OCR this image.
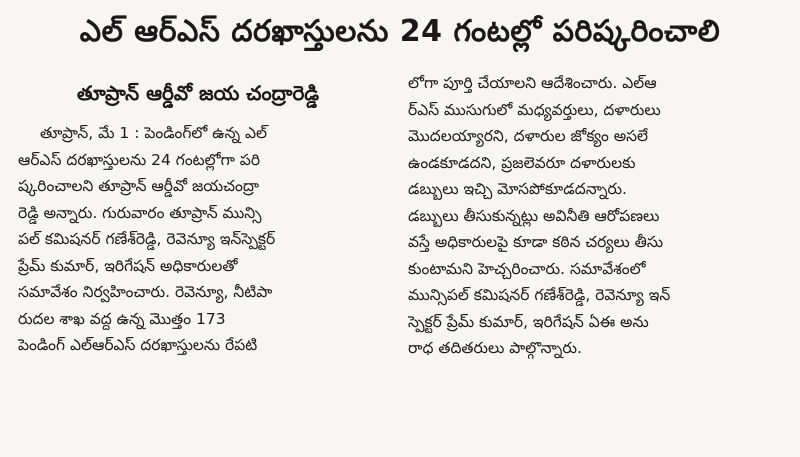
ఎల్ ఆర్ఎస్ దరఖాస్తులను 24 గంటల్లో పరిష్కరించాలి
తూప్రాన్ ఆర్డీవో జయ చంద్రారెడ్డి

తూప్రాన్, మే 1 : పెండింగ్‌లో ఉన్న ఎల్
ఆర్ఎస్ దరఖాస్తులను 24 గంటల్లోగా పరి
ష్కరించాలని తూప్రాన్ ఆర్డీవో జయచంద్రా
రెడ్డి అన్నారు. గురువారం తూప్రాన్ మున్సి
పల్ కమిషనర్ గణేశ్‌రెడ్డి, రెవెన్యూ ఇన్‌స్పెక్టర్
ప్రేమ్ కుమార్, ఇరిగేషన్ అధికారులతో
సమావేశం నిర్వహించారు. రెవెన్యూ, నీటిపా
రుదల శాఖ వద్ద ఉన్న మొత్తం 173
పెండింగ్ ఎల్ఆర్ఎస్ దరఖాస్తులను రేపటి

లోగా పూర్తి చేయాలని ఆదేశించారు. ఎల్ఆ
ర్ఎస్ ముసుగులో మధ్యవర్తులు, దళారులు
మొదలయ్యారని, దళారుల జోక్యం అసలే
ఉండకూడదని, ప్రజలెవరూ దళారులకు
డబ్బులు ఇచ్చి మోసపోకూడదన్నారు.
డబ్బులు తీసుకున్నట్లు అవినీతి ఆరోపణలు
వస్తే అధికారులపై కూడా కఠిన చర్యలు తీసు
కుంటామని హెచ్చరించారు. సమావేశంలో
మున్సిపల్ కమిషనర్ గణేశ్‌రెడ్డి, రెవెన్యూ ఇన్
స్పెక్టర్ ప్రేమ్ కుమార్, ఇరిగేషన్ ఏఈ అను
రాధ తదితరులు పాల్గొన్నారు.
